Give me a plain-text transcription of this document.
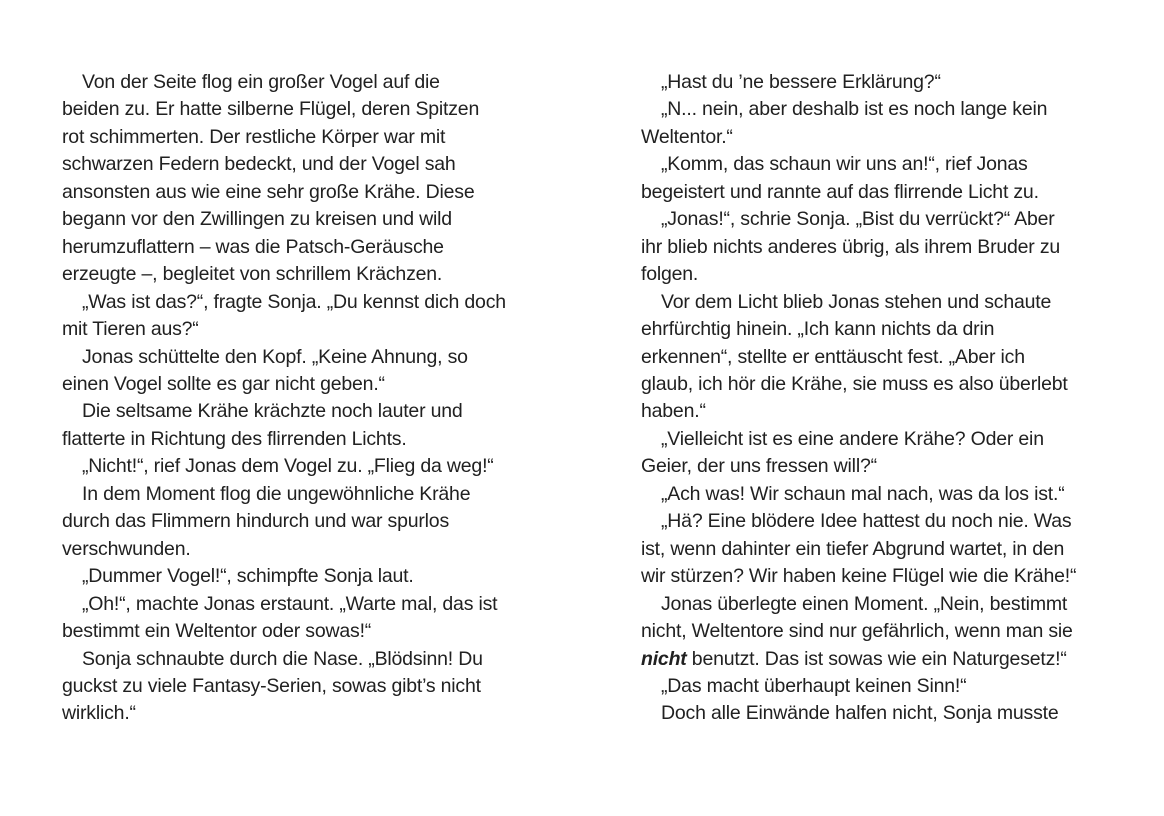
Von der Seite flog ein großer Vogel auf die
beiden zu. Er hatte silberne Flügel, deren Spitzen
rot schimmerten. Der restliche Körper war mit
schwarzen Federn bedeckt, und der Vogel sah
ansonsten aus wie eine sehr große Krähe. Diese
begann vor den Zwillingen zu kreisen und wild
herumzuflattern – was die Patsch-Geräusche
erzeugte –, begleitet von schrillem Krächzen.
„Was ist das?“, fragte Sonja. „Du kennst dich doch
mit Tieren aus?“
Jonas schüttelte den Kopf. „Keine Ahnung, so
einen Vogel sollte es gar nicht geben.“
Die seltsame Krähe krächzte noch lauter und
flatterte in Richtung des flirrenden Lichts.
„Nicht!“, rief Jonas dem Vogel zu. „Flieg da weg!“
In dem Moment flog die ungewöhnliche Krähe
durch das Flimmern hindurch und war spurlos
verschwunden.
„Dummer Vogel!“, schimpfte Sonja laut.
„Oh!“, machte Jonas erstaunt. „Warte mal, das ist
bestimmt ein Weltentor oder sowas!“
Sonja schnaubte durch die Nase. „Blödsinn! Du
guckst zu viele Fantasy-Serien, sowas gibt’s nicht
wirklich.“
„Hast du ’ne bessere Erklärung?“
„N... nein, aber deshalb ist es noch lange kein
Weltentor.“
„Komm, das schaun wir uns an!“, rief Jonas
begeistert und rannte auf das flirrende Licht zu.
„Jonas!“, schrie Sonja. „Bist du verrückt?“ Aber
ihr blieb nichts anderes übrig, als ihrem Bruder zu
folgen.
Vor dem Licht blieb Jonas stehen und schaute
ehrfürchtig hinein. „Ich kann nichts da drin
erkennen“, stellte er enttäuscht fest. „Aber ich
glaub, ich hör die Krähe, sie muss es also überlebt
haben.“
„Vielleicht ist es eine andere Krähe? Oder ein
Geier, der uns fressen will?“
„Ach was! Wir schaun mal nach, was da los ist.“
„Hä? Eine blödere Idee hattest du noch nie. Was
ist, wenn dahinter ein tiefer Abgrund wartet, in den
wir stürzen? Wir haben keine Flügel wie die Krähe!“
Jonas überlegte einen Moment. „Nein, bestimmt
nicht, Weltentore sind nur gefährlich, wenn man sie
nicht benutzt. Das ist sowas wie ein Naturgesetz!“
„Das macht überhaupt keinen Sinn!“
Doch alle Einwände halfen nicht, Sonja musste
